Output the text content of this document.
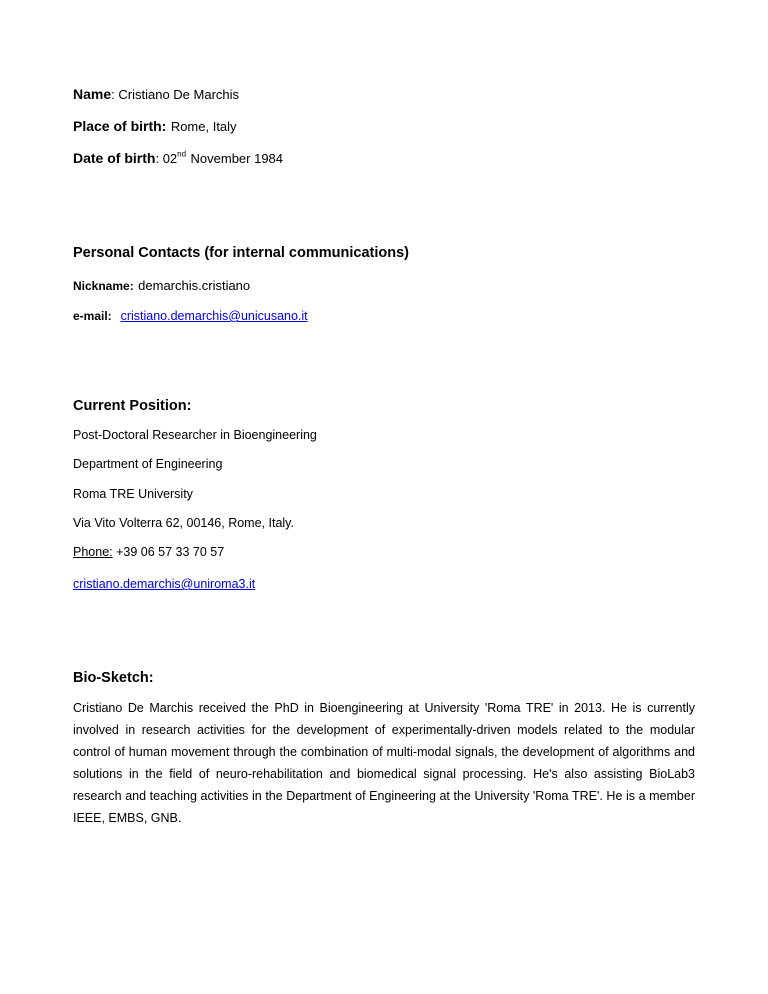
Name: Cristiano De Marchis
Place of birth: Rome, Italy
Date of birth: 02nd November 1984
Personal Contacts (for internal communications)
Nickname: demarchis.cristiano
e-mail: cristiano.demarchis@unicusano.it
Current Position:
Post-Doctoral Researcher in Bioengineering
Department of Engineering
Roma TRE University
Via Vito Volterra 62, 00146, Rome, Italy.
Phone: +39 06 57 33 70 57
cristiano.demarchis@uniroma3.it
Bio-Sketch:
Cristiano De Marchis received the PhD in Bioengineering at University 'Roma TRE' in 2013. He is currently involved in research activities for the development of experimentally-driven models related to the modular control of human movement through the combination of multi-modal signals, the development of algorithms and solutions in the field of neuro-rehabilitation and biomedical signal processing. He's also assisting BioLab3 research and teaching activities in the Department of Engineering at the University 'Roma TRE'. He is a member IEEE, EMBS, GNB.
